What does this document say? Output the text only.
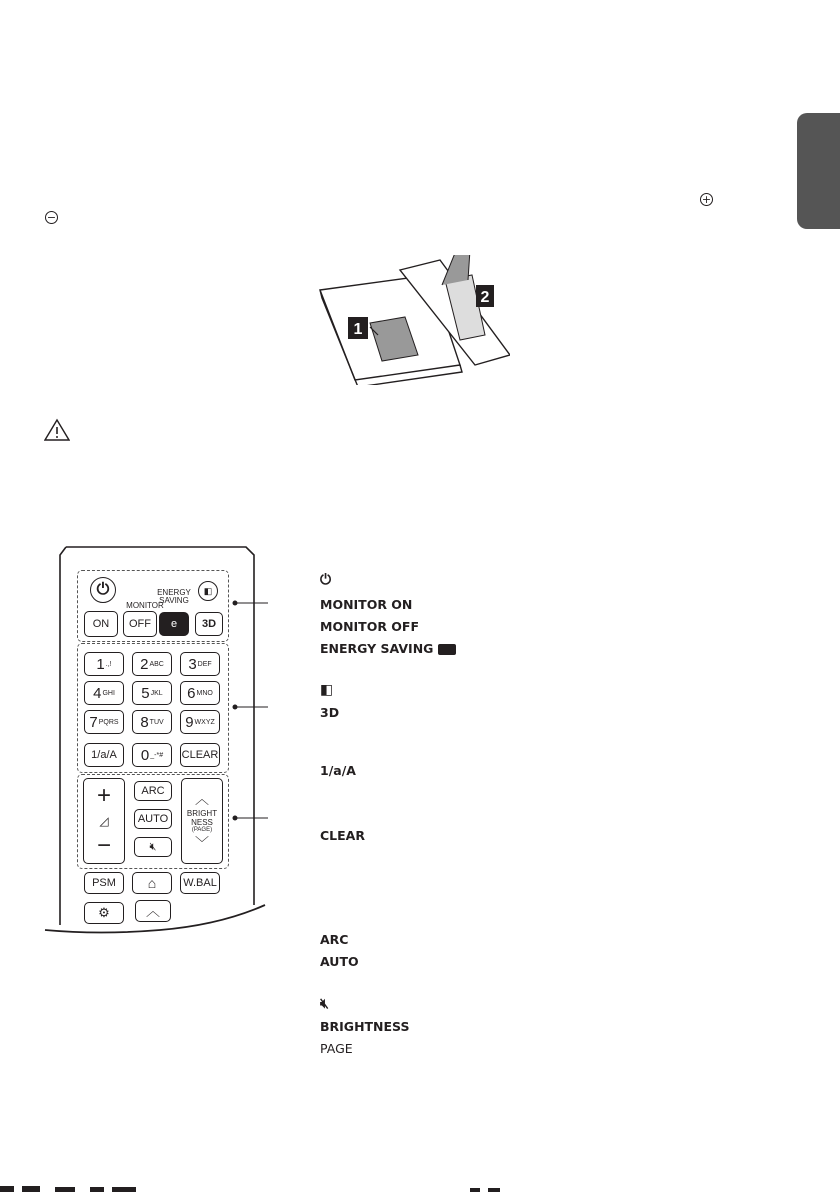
+
−
1
2
⏻	◧
MONITOR
ENERGY
SAVING
ON	OFF	e	3D
1 .,! 2 ABC 3 DEF
4 GHI 5 JKL 6 MNO
7 PQRS 8 TUV 9 WXYZ
1/a/A	0 _-*# CLEAR
+
◿
−
ARC
AUTO
🔇︎
︿
BRIGHT
NESS
(PAGE)
﹀
PSM	⌂	W.BAL
⚙	︿
⏻
MONITOR ON
MONITOR OFF
ENERGY SAVING
◧
3D
1/a/A
CLEAR
ARC
AUTO
🔇︎
BRIGHTNESS
PAGE
